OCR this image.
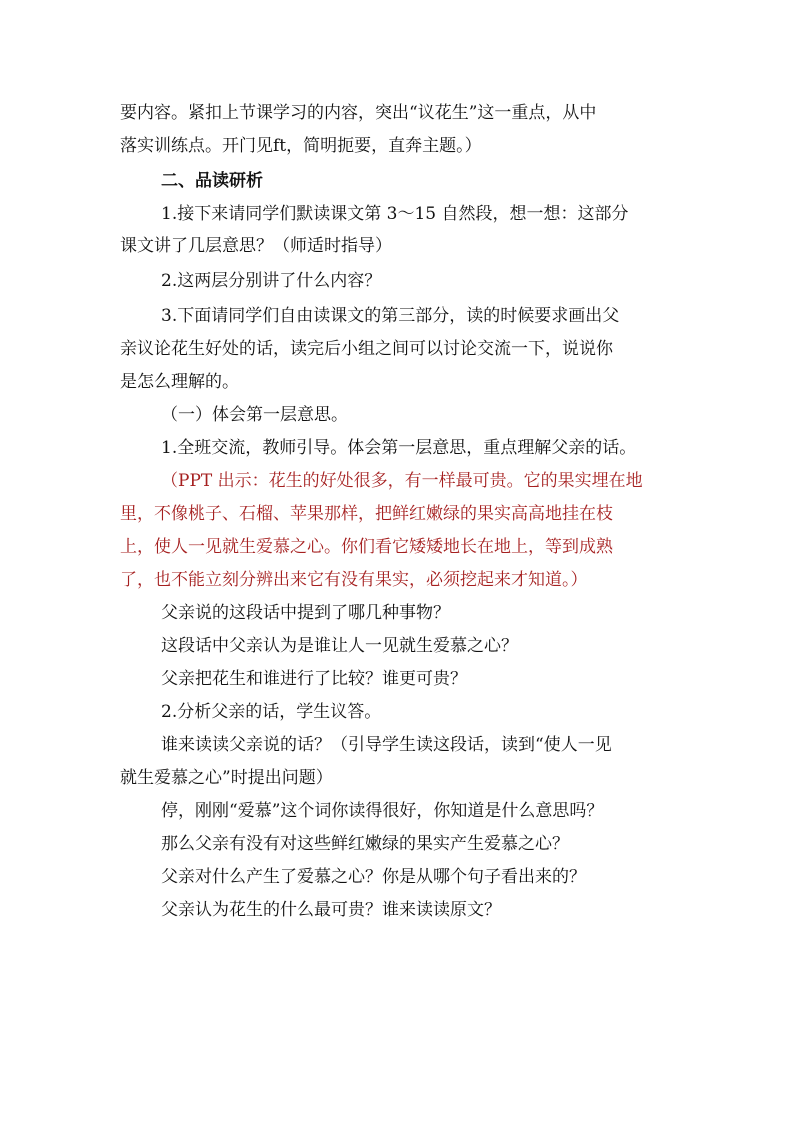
要内容。紧扣上节课学习的内容，突出“议花生”这一重点，从中
落实训练点。开门见ft，简明扼要，直奔主题。）
二、品读研析
1.接下来请同学们默读课文第 3～15 自然段，想一想：这部分
课文讲了几层意思？（师适时指导）
2.这两层分别讲了什么内容？
3.下面请同学们自由读课文的第三部分，读的时候要求画出父
亲议论花生好处的话，读完后小组之间可以讨论交流一下，说说你
是怎么理解的。
（一）体会第一层意思。
1.全班交流，教师引导。体会第一层意思，重点理解父亲的话。
（PPT 出示：花生的好处很多，有一样最可贵。它的果实埋在地
里，不像桃子、石榴、苹果那样，把鲜红嫩绿的果实高高地挂在枝
上，使人一见就生爱慕之心。你们看它矮矮地长在地上，等到成熟
了，也不能立刻分辨出来它有没有果实，必须挖起来才知道。）
父亲说的这段话中提到了哪几种事物？
这段话中父亲认为是谁让人一见就生爱慕之心？
父亲把花生和谁进行了比较？谁更可贵？
2.分析父亲的话，学生议答。
谁来读读父亲说的话？（引导学生读这段话，读到“使人一见
就生爱慕之心”时提出问题）
停，刚刚“爱慕”这个词你读得很好，你知道是什么意思吗？
那么父亲有没有对这些鲜红嫩绿的果实产生爱慕之心？
父亲对什么产生了爱慕之心？你是从哪个句子看出来的？
父亲认为花生的什么最可贵？谁来读读原文？
